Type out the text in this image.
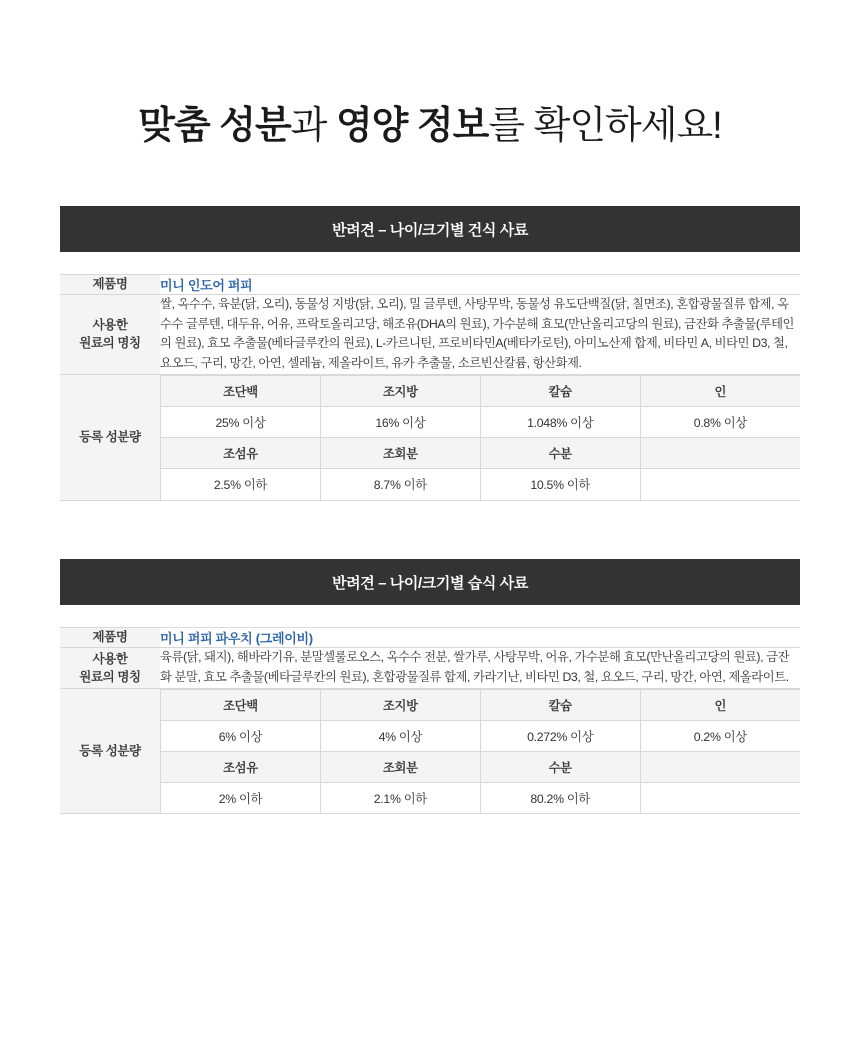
맞춤 성분과 영양 정보를 확인하세요!
반려견 – 나이/크기별 건식 사료
제품명	미니 인도어 퍼피
사용한
원료의 명칭	쌀, 옥수수, 육분(닭, 오리), 동물성 지방(닭, 오리), 밀 글루텐, 사탕무박, 동물성 유도단백질(닭, 칠면조), 혼합광물질류 합제, 옥수수 글루텐, 대두유, 어유, 프락토올리고당, 해조유(DHA의 원료), 가수분해 효모(만난올리고당의 원료), 금잔화 추출물(루테인의 원료), 효모 추출물(베타글루칸의 원료), L-카르니틴, 프로비타민A(베타카로틴), 아미노산제 합제, 비타민 A, 비타민 D3, 철, 요오드, 구리, 망간, 아연, 셀레늄, 제올라이트, 유카 추출물, 소르빈산칼륨, 항산화제.
등록 성분량	
조단백	조지방	칼슘	인
25% 이상	16% 이상	1.048% 이상	0.8% 이상
조섬유	조회분	수분	
2.5% 이하	8.7% 이하	10.5% 이하	
반려견 – 나이/크기별 습식 사료
제품명	미니 퍼피 파우치 (그레이비)
사용한
원료의 명칭	육류(닭, 돼지), 해바라기유, 분말셀룰로오스, 옥수수 전분, 쌀가루, 사탕무박, 어유, 가수분해 효모(만난올리고당의 원료), 금잔화 분말, 효모 추출물(베타글루칸의 원료), 혼합광물질류 합제, 카라기난, 비타민 D3, 철, 요오드, 구리, 망간, 아연, 제올라이트.
등록 성분량	
조단백	조지방	칼슘	인
6% 이상	4% 이상	0.272% 이상	0.2% 이상
조섬유	조회분	수분	
2% 이하	2.1% 이하	80.2% 이하	
